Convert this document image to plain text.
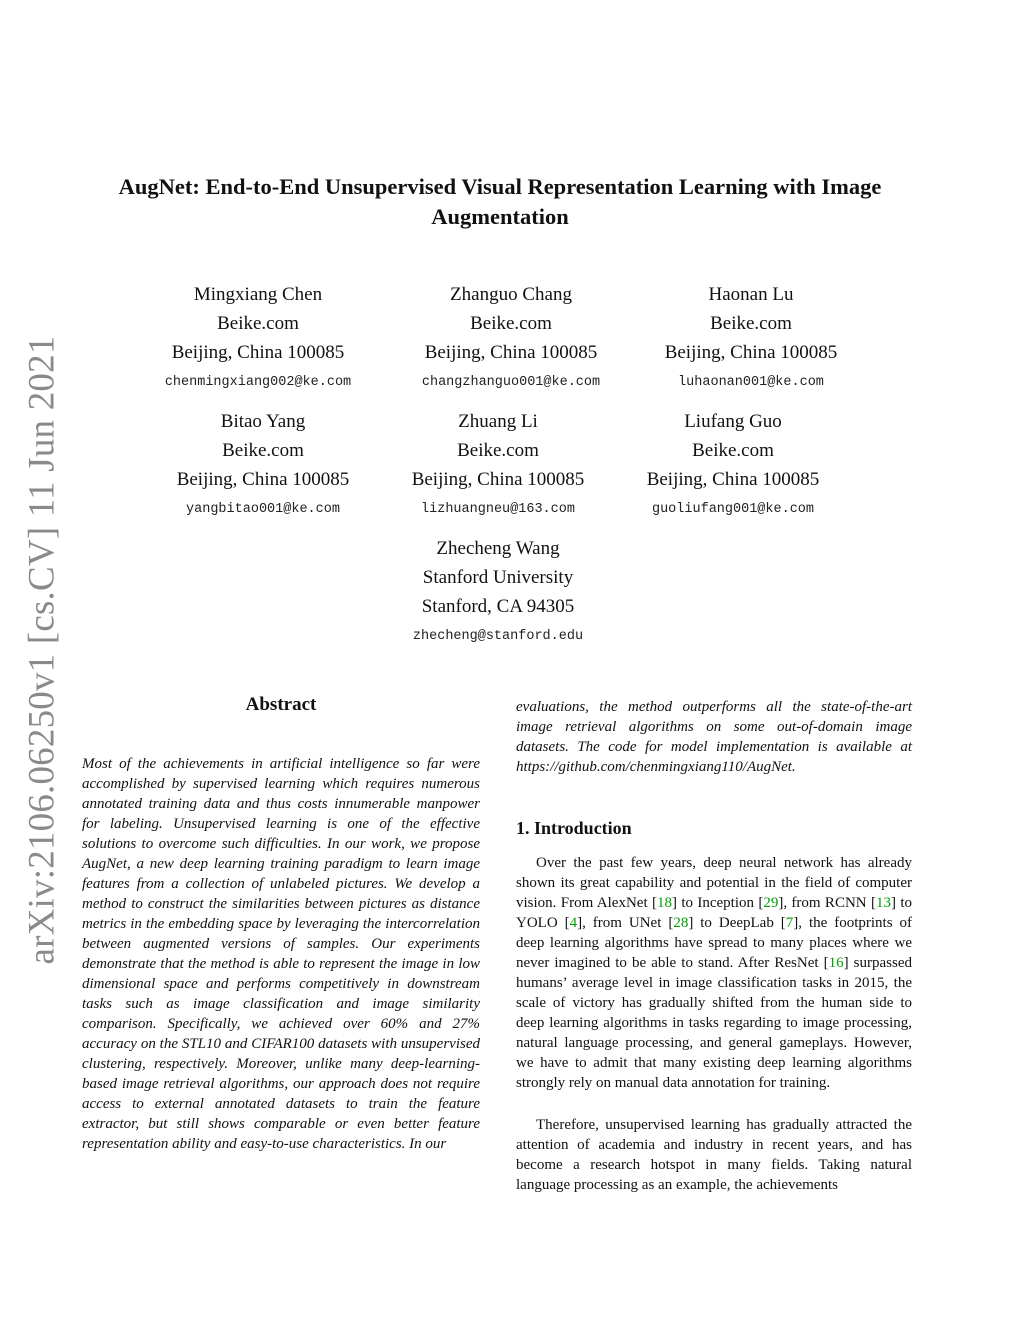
arXiv:2106.06250v1 [cs.CV] 11 Jun 2021
AugNet: End-to-End Unsupervised Visual Representation Learning with Image
Augmentation
Mingxiang Chen
Beike.com
Beijing, China 100085
chenmingxiang002@ke.com
Zhanguo Chang
Beike.com
Beijing, China 100085
changzhanguo001@ke.com
Haonan Lu
Beike.com
Beijing, China 100085
luhaonan001@ke.com
Bitao Yang
Beike.com
Beijing, China 100085
yangbitao001@ke.com
Zhuang Li
Beike.com
Beijing, China 100085
lizhuangneu@163.com
Liufang Guo
Beike.com
Beijing, China 100085
guoliufang001@ke.com
Zhecheng Wang
Stanford University
Stanford, CA 94305
zhecheng@stanford.edu
Abstract
Most of the achievements in artificial intelligence so far were accomplished by supervised learning which requires numerous annotated training data and thus costs innumerable manpower for labeling. Unsupervised learning is one of the effective solutions to overcome such difficulties. In our work, we propose AugNet, a new deep learning training paradigm to learn image features from a collection of unlabeled pictures. We develop a method to construct the similarities between pictures as distance metrics in the embedding space by leveraging the intercorrelation between augmented versions of samples. Our experiments demonstrate that the method is able to represent the image in low dimensional space and performs competitively in downstream tasks such as image classification and image similarity comparison. Specifically, we achieved over 60% and 27% accuracy on the STL10 and CIFAR100 datasets with unsupervised clustering, respectively. Moreover, unlike many deep-learning-based image retrieval algorithms, our approach does not require access to external annotated datasets to train the feature extractor, but still shows comparable or even better feature representation ability and easy-to-use characteristics. In our
evaluations, the method outperforms all the state-of-the-art image retrieval algorithms on some out-of-domain image datasets. The code for model implementation is available at https://github.com/chenmingxiang110/AugNet.
1. Introduction

Over the past few years, deep neural network has already shown its great capability and potential in the field of computer vision. From AlexNet [18] to Inception [29], from RCNN [13] to YOLO [4], from UNet [28] to DeepLab [7], the footprints of deep learning algorithms have spread to many places where we never imagined to be able to stand. After ResNet [16] surpassed humans’ average level in image classification tasks in 2015, the scale of victory has gradually shifted from the human side to deep learning algorithms in tasks regarding to image processing, natural language processing, and general gameplays. However, we have to admit that many existing deep learning algorithms strongly rely on manual data annotation for training.

Therefore, unsupervised learning has gradually attracted the attention of academia and industry in recent years, and has become a research hotspot in many fields. Taking natural language processing as an example, the achievements
